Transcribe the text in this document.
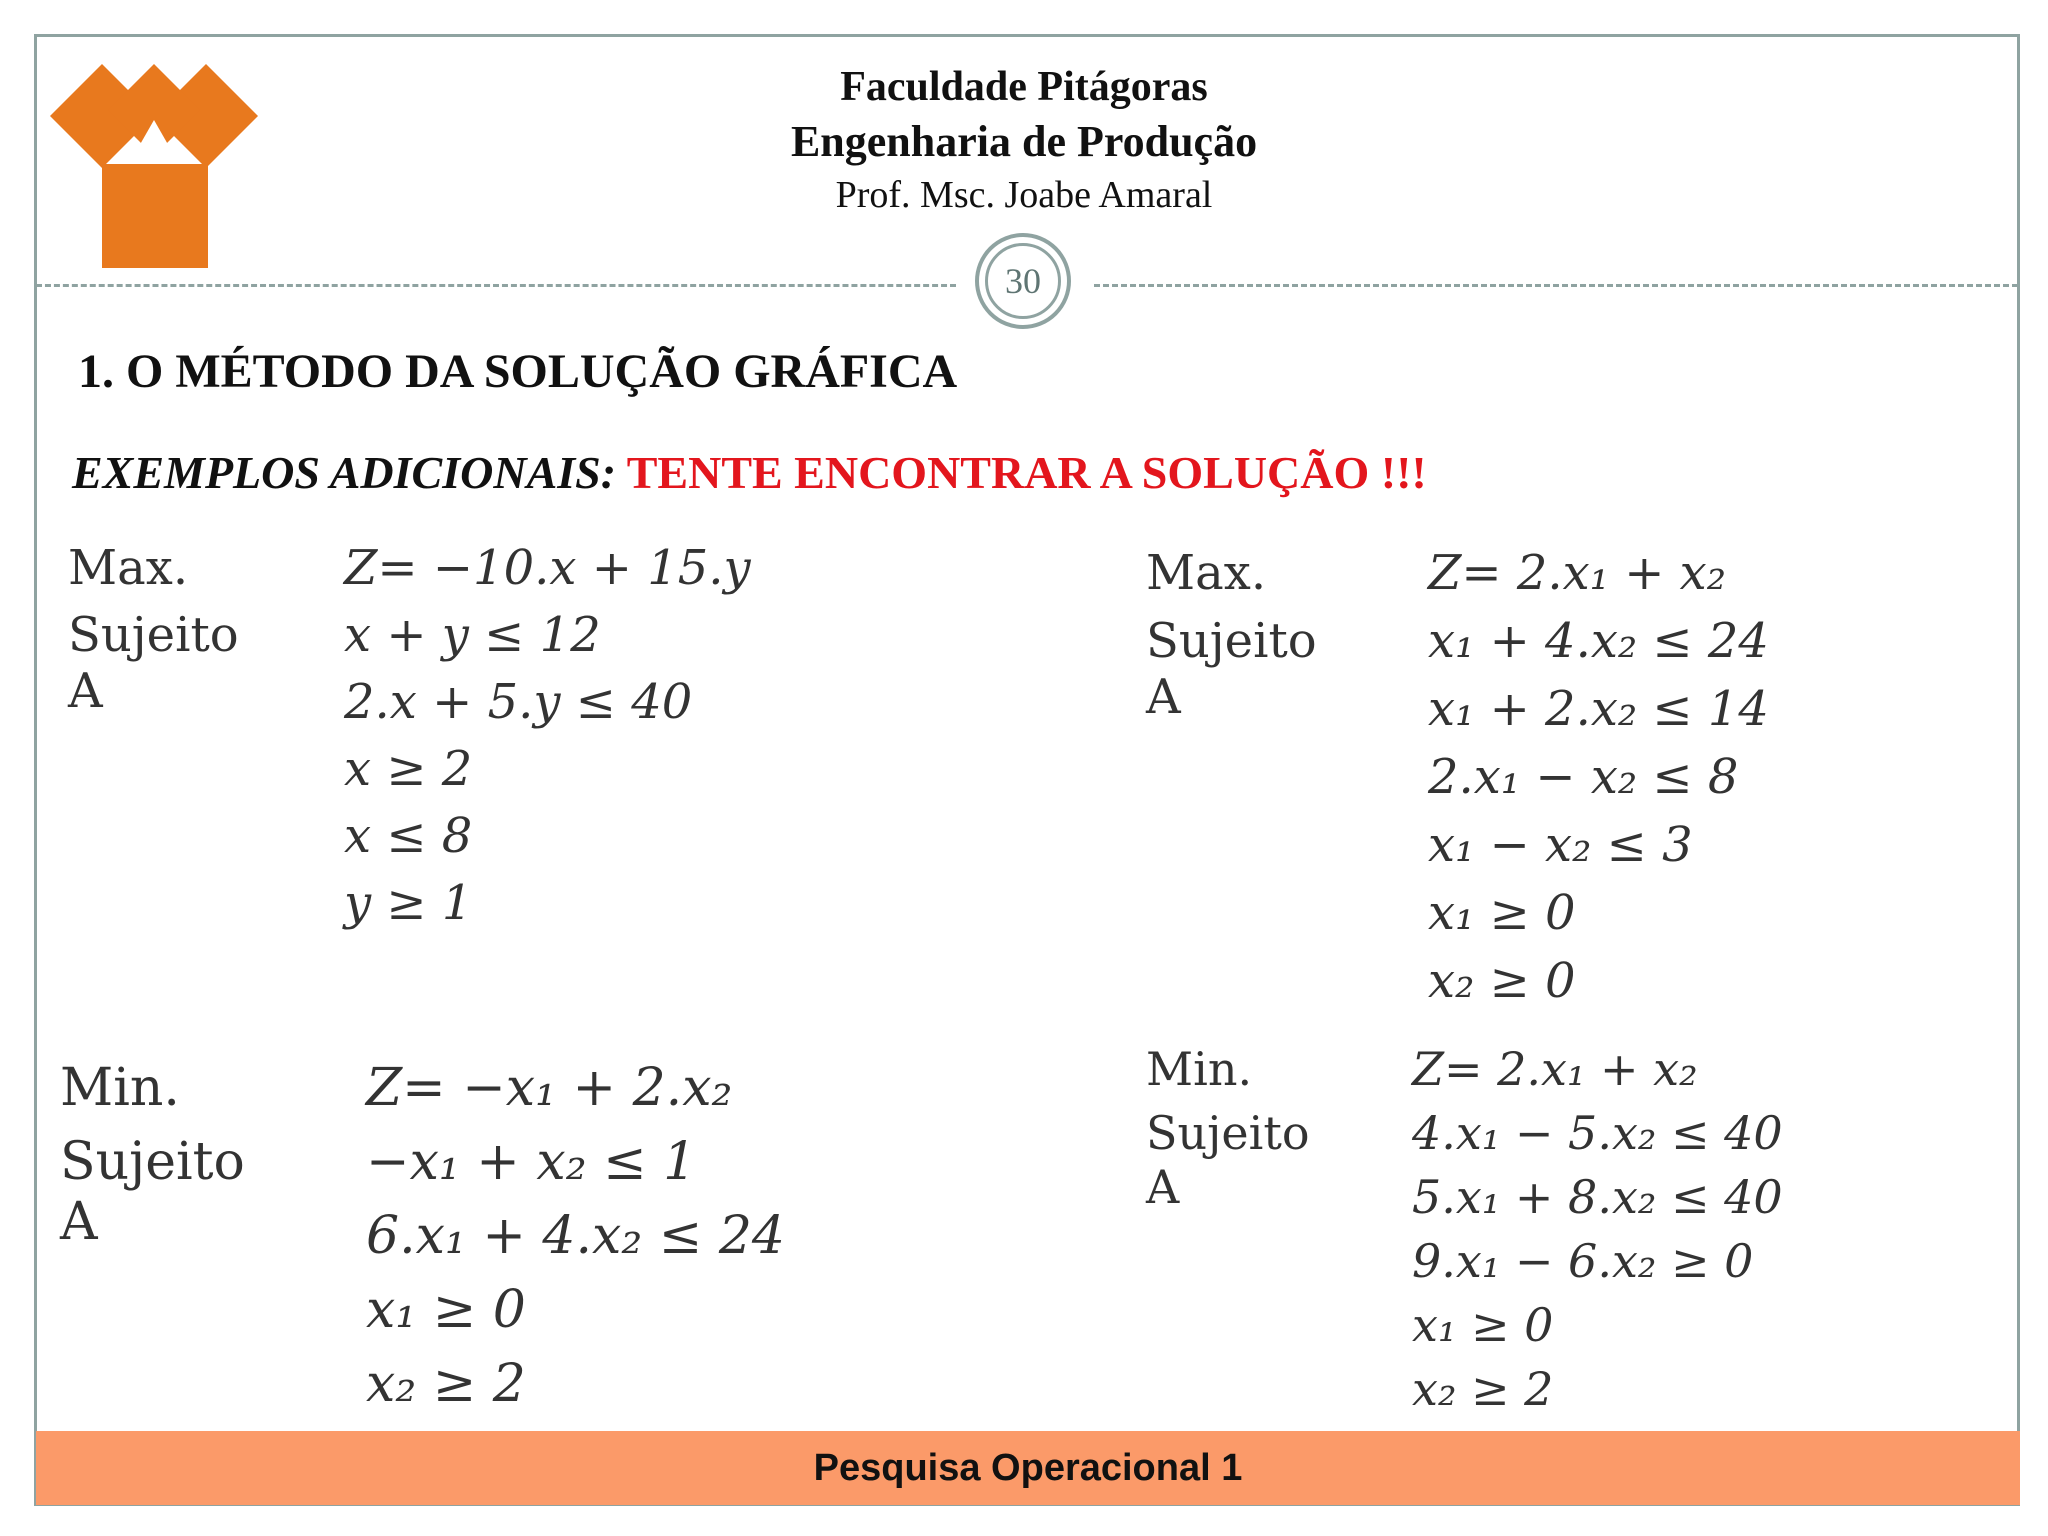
Faculdade Pitágoras
Engenharia de Produção
Prof. Msc. Joabe Amaral
30
1. O MÉTODO DA SOLUÇÃO GRÁFICA
EXEMPLOS ADICIONAIS: TENTE ENCONTRAR A SOLUÇÃO !!!
Max.
Sujeito A
Z= −10.x + 15.y
x + y ≤ 12
2.x + 5.y ≤ 40
x ≥ 2
x ≤ 8
y ≥ 1
Max.
Sujeito A
Z= 2.x₁ + x₂
x₁ + 4.x₂ ≤ 24
x₁ + 2.x₂ ≤ 14
2.x₁ − x₂ ≤ 8
x₁ − x₂ ≤ 3
x₁ ≥ 0
x₂ ≥ 0
Min.
Sujeito A
Z= −x₁ + 2.x₂
−x₁ + x₂ ≤ 1
6.x₁ + 4.x₂ ≤ 24
x₁ ≥ 0
x₂ ≥ 2
Min.
Sujeito A
Z= 2.x₁ + x₂
4.x₁ − 5.x₂ ≤ 40
5.x₁ + 8.x₂ ≤ 40
9.x₁ − 6.x₂ ≥ 0
x₁ ≥ 0
x₂ ≥ 2
Pesquisa Operacional 1
